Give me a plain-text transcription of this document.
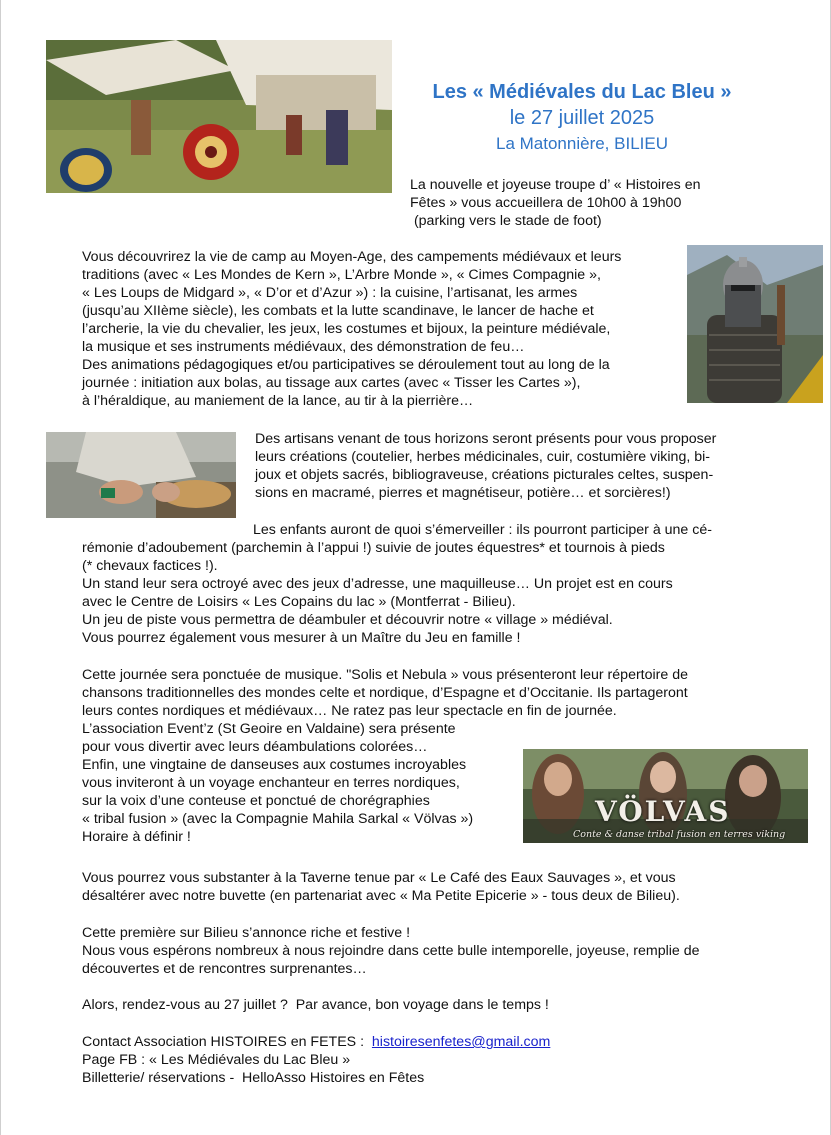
Les « Médiévales du Lac Bleu »
le 27 juillet 2025
La Matonnière, BILIEU

La nouvelle et joyeuse troupe d’ « Histoires en

Fêtes » vous accueillera de 10h00 à 19h00

(parking vers le stade de foot)

Vous découvrirez la vie de camp au Moyen-Age, des campements médiévaux et leurs

traditions (avec « Les Mondes de Kern », L’Arbre Monde », « Cimes Compagnie »,

« Les Loups de Midgard », « D’or et d’Azur ») : la cuisine, l’artisanat, les armes

(jusqu’au XIIème siècle), les combats et la lutte scandinave, le lancer de hache et

l’archerie, la vie du chevalier, les jeux, les costumes et bijoux, la peinture médiévale,

la musique et ses instruments médiévaux, des démonstration de feu…

Des animations pédagogiques et/ou participatives se déroulement tout au long de la

journée : initiation aux bolas, au tissage aux cartes (avec « Tisser les Cartes »),

à l’héraldique, au maniement de la lance, au tir à la pierrière…

Des artisans venant de tous horizons seront présents pour vous proposer

leurs créations (coutelier, herbes médicinales, cuir, costumière viking, bi-

joux et objets sacrés, bibliograveuse, créations picturales celtes, suspen-

sions en macramé, pierres et magnétiseur, potière… et sorcières!)

Les enfants auront de quoi s’émerveiller : ils pourront participer à une cé-

rémonie d’adoubement (parchemin à l’appui !) suivie de joutes équestres* et tournois à pieds

(* chevaux factices !).

Un stand leur sera octroyé avec des jeux d’adresse, une maquilleuse… Un projet est en cours

avec le Centre de Loisirs « Les Copains du lac » (Montferrat - Bilieu).

Un jeu de piste vous permettra de déambuler et découvrir notre « village » médiéval.

Vous pourrez également vous mesurer à un Maître du Jeu en famille !

VÖLVAS
Conte & danse tribal fusion en terres viking

Cette journée sera ponctuée de musique. "Solis et Nebula » vous présenteront leur répertoire de

chansons traditionnelles des mondes celte et nordique, d’Espagne et d’Occitanie. Ils partageront

leurs contes nordiques et médiévaux… Ne ratez pas leur spectacle en fin de journée.

L’association Event’z (St Geoire en Valdaine) sera présente

pour vous divertir avec leurs déambulations colorées…

Enfin, une vingtaine de danseuses aux costumes incroyables

vous inviteront à un voyage enchanteur en terres nordiques,

sur la voix d’une conteuse et ponctué de chorégraphies

« tribal fusion » (avec la Compagnie Mahila Sarkal « Völvas »)

Horaire à définir !

Vous pourrez vous substanter à la Taverne tenue par « Le Café des Eaux Sauvages », et vous

désaltérer avec notre buvette (en partenariat avec « Ma Petite Epicerie » - tous deux de Bilieu).

Cette première sur Bilieu s’annonce riche et festive !

Nous vous espérons nombreux à nous rejoindre dans cette bulle intemporelle, joyeuse, remplie de

découvertes et de rencontres surprenantes…

Alors, rendez-vous au 27 juillet ?  Par avance, bon voyage dans le temps !

Contact Association HISTOIRES en FETES :  histoiresenfetes@gmail.com

Page FB : « Les Médiévales du Lac Bleu »

Billetterie/ réservations -  HelloAsso Histoires en Fêtes
